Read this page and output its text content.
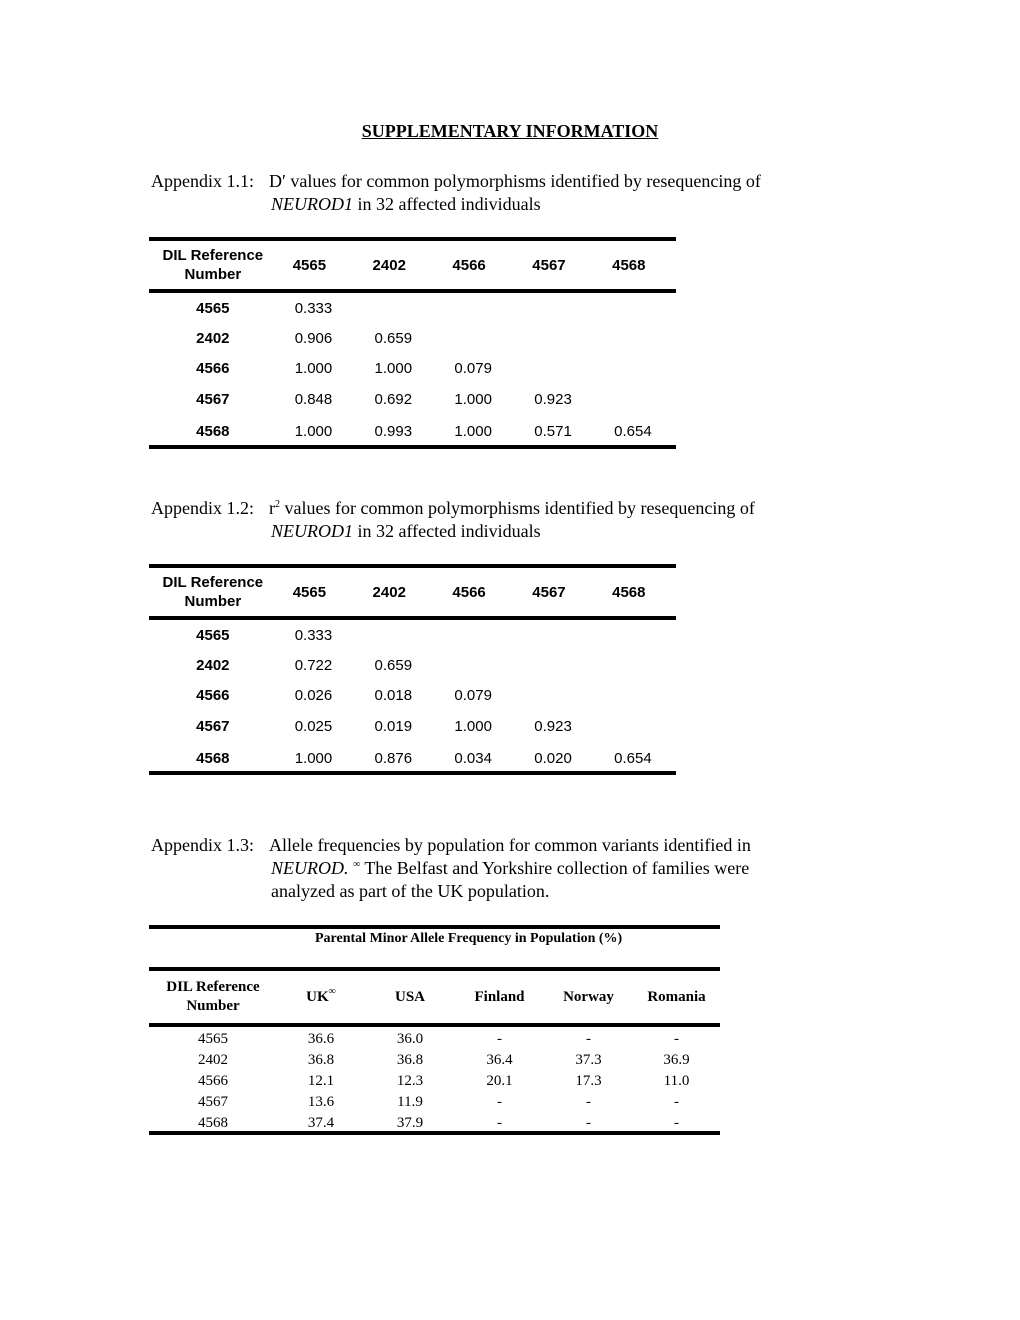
SUPPLEMENTARY INFORMATION
Appendix 1.1: D′ values for common polymorphisms identified by resequencing of
NEUROD1 in 32 affected individuals
DIL Reference Number	4565	2402	4566	4567	4568

4565	0.333				
2402	0.906	0.659			
4566	1.000	1.000	0.079		
4567	0.848	0.692	1.000	0.923	
4568	1.000	0.993	1.000	0.571	0.654
Appendix 1.2: $r^2$ values for common polymorphisms identified by resequencing of
NEUROD1 in 32 affected individuals
DIL Reference Number	4565	2402	4566	4567	4568

4565	0.333				
2402	0.722	0.659			
4566	0.026	0.018	0.079		
4567	0.025	0.019	1.000	0.923	
4568	1.000	0.876	0.034	0.020	0.654
Appendix 1.3: Allele frequencies by population for common variants identified in
NEUROD. ∞ The Belfast and Yorkshire collection of families were
analyzed as part of the UK population.
Parental Minor Allele Frequency in Population (%)
DIL Reference Number	UK∞	USA	Finland	Norway	Romania

4565	36.6	36.0	-	-	-
2402	36.8	36.8	36.4	37.3	36.9
4566	12.1	12.3	20.1	17.3	11.0
4567	13.6	11.9	-	-	-
4568	37.4	37.9	-	-	-
